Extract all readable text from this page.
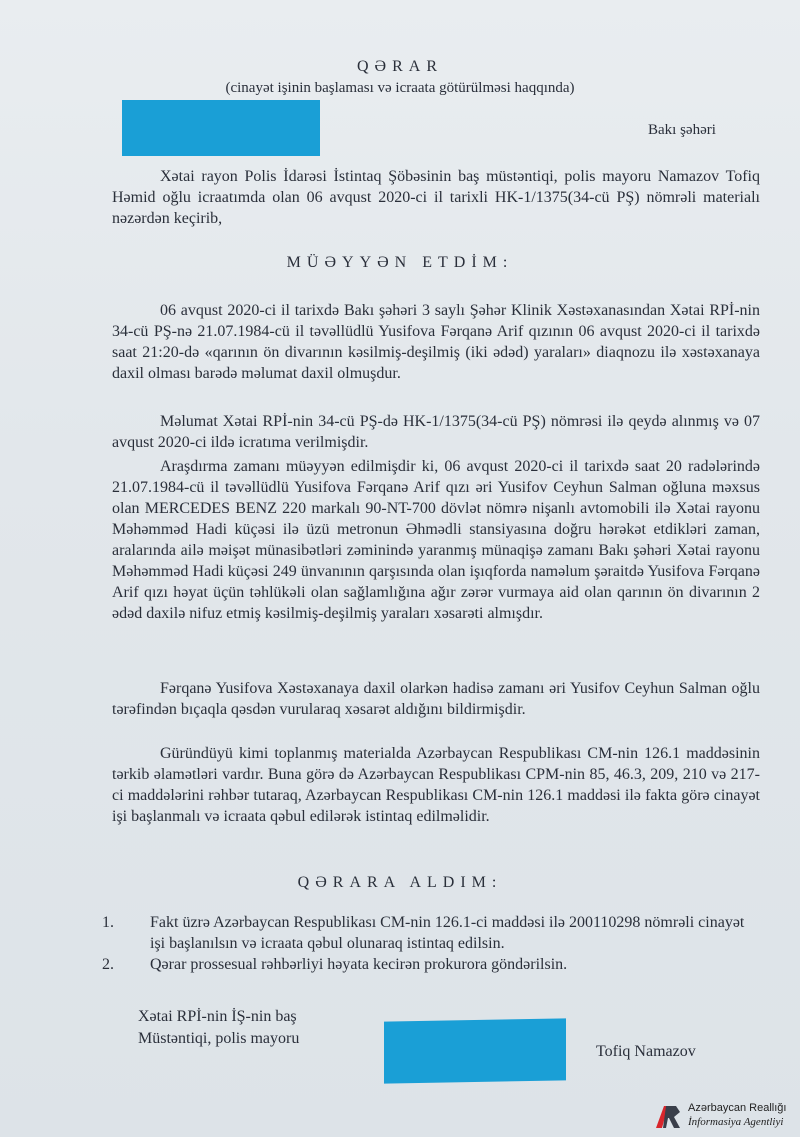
QƏRAR
(cinayət işinin başlaması və icraata götürülməsi haqqında)
Bakı şəhəri
Xətai rayon Polis İdarəsi İstintaq Şöbəsinin baş müstəntiqi, polis mayoru Namazov Tofiq Həmid oğlu icraatımda olan 06 avqust 2020-ci il tarixli HK-1/1375(34-cü PŞ) nömrəli materialı nəzərdən keçirib,
MÜƏYYƏN ETDİM:
06 avqust 2020-ci il tarixdə Bakı şəhəri 3 saylı Şəhər Klinik Xəstəxanasından Xətai RPİ-nin 34-cü PŞ-nə 21.07.1984-cü il təvəllüdlü Yusifova Fərqanə Arif qızının 06 avqust 2020-ci il tarixdə saat 21:20-də «qarının ön divarının kəsilmiş-deşilmiş (iki ədəd) yaraları» diaqnozu ilə xəstəxanaya daxil olması barədə məlumat daxil olmuşdur.
Məlumat Xətai RPİ-nin 34-cü PŞ-də HK-1/1375(34-cü PŞ) nömrəsi ilə qeydə alınmış və 07 avqust 2020-ci ildə icratıma verilmişdir.
Araşdırma zamanı müəyyən edilmişdir ki, 06 avqust 2020-ci il tarixdə saat 20 radələrində 21.07.1984-cü il təvəllüdlü Yusifova Fərqanə Arif qızı əri Yusifov Ceyhun Salman oğluna məxsus olan MERCEDES BENZ 220 markalı 90-NT-700 dövlət nömrə nişanlı avtomobili ilə Xətai rayonu Məhəmməd Hadi küçəsi ilə üzü metronun Əhmədli stansiyasına doğru hərəkət etdikləri zaman, aralarında ailə məişət münasibətləri zəminində yaranmış münaqişə zamanı Bakı şəhəri Xətai rayonu Məhəmməd Hadi küçəsi 249 ünvanının qarşısında olan işıqforda naməlum şəraitdə Yusifova Fərqanə Arif qızı həyat üçün təhlükəli olan sağlamlığına ağır zərər vurmaya aid olan qarının ön divarının 2 ədəd daxilə nifuz etmiş kəsilmiş-deşilmiş yaraları xəsarəti almışdır.
Fərqanə Yusifova Xəstəxanaya daxil olarkən hadisə zamanı əri Yusifov Ceyhun Salman oğlu tərəfindən bıçaqla qəsdən vurularaq xəsarət aldığını bildirmişdir.
Güründüyü kimi toplanmış materialda Azərbaycan Respublikası CM-nin 126.1 maddəsinin tərkib əlamətləri vardır. Buna görə də Azərbaycan Respublikası CPM-nin 85, 46.3, 209, 210 və 217-ci maddələrini rəhbər tutaraq, Azərbaycan Respublikası CM-nin 126.1 maddəsi ilə fakta görə cinayət işi başlanmalı və icraata qəbul edilərək istintaq edilməlidir.
QƏRARA ALDIM:
1.	Fakt üzrə Azərbaycan Respublikası CM-nin 126.1-ci maddəsi ilə 200110298 nömrəli cinayət işi başlanılsın və icraata qəbul olunaraq istintaq edilsin.
2.	Qərar prossesual rəhbərliyi həyata kecirən prokurora göndərilsin.
Xətai RPİ-nin İŞ-nin baş
Müstəntiqi, polis mayoru
Tofiq Namazov
Azərbaycan Reallığı
İnformasiya Agentliyi
